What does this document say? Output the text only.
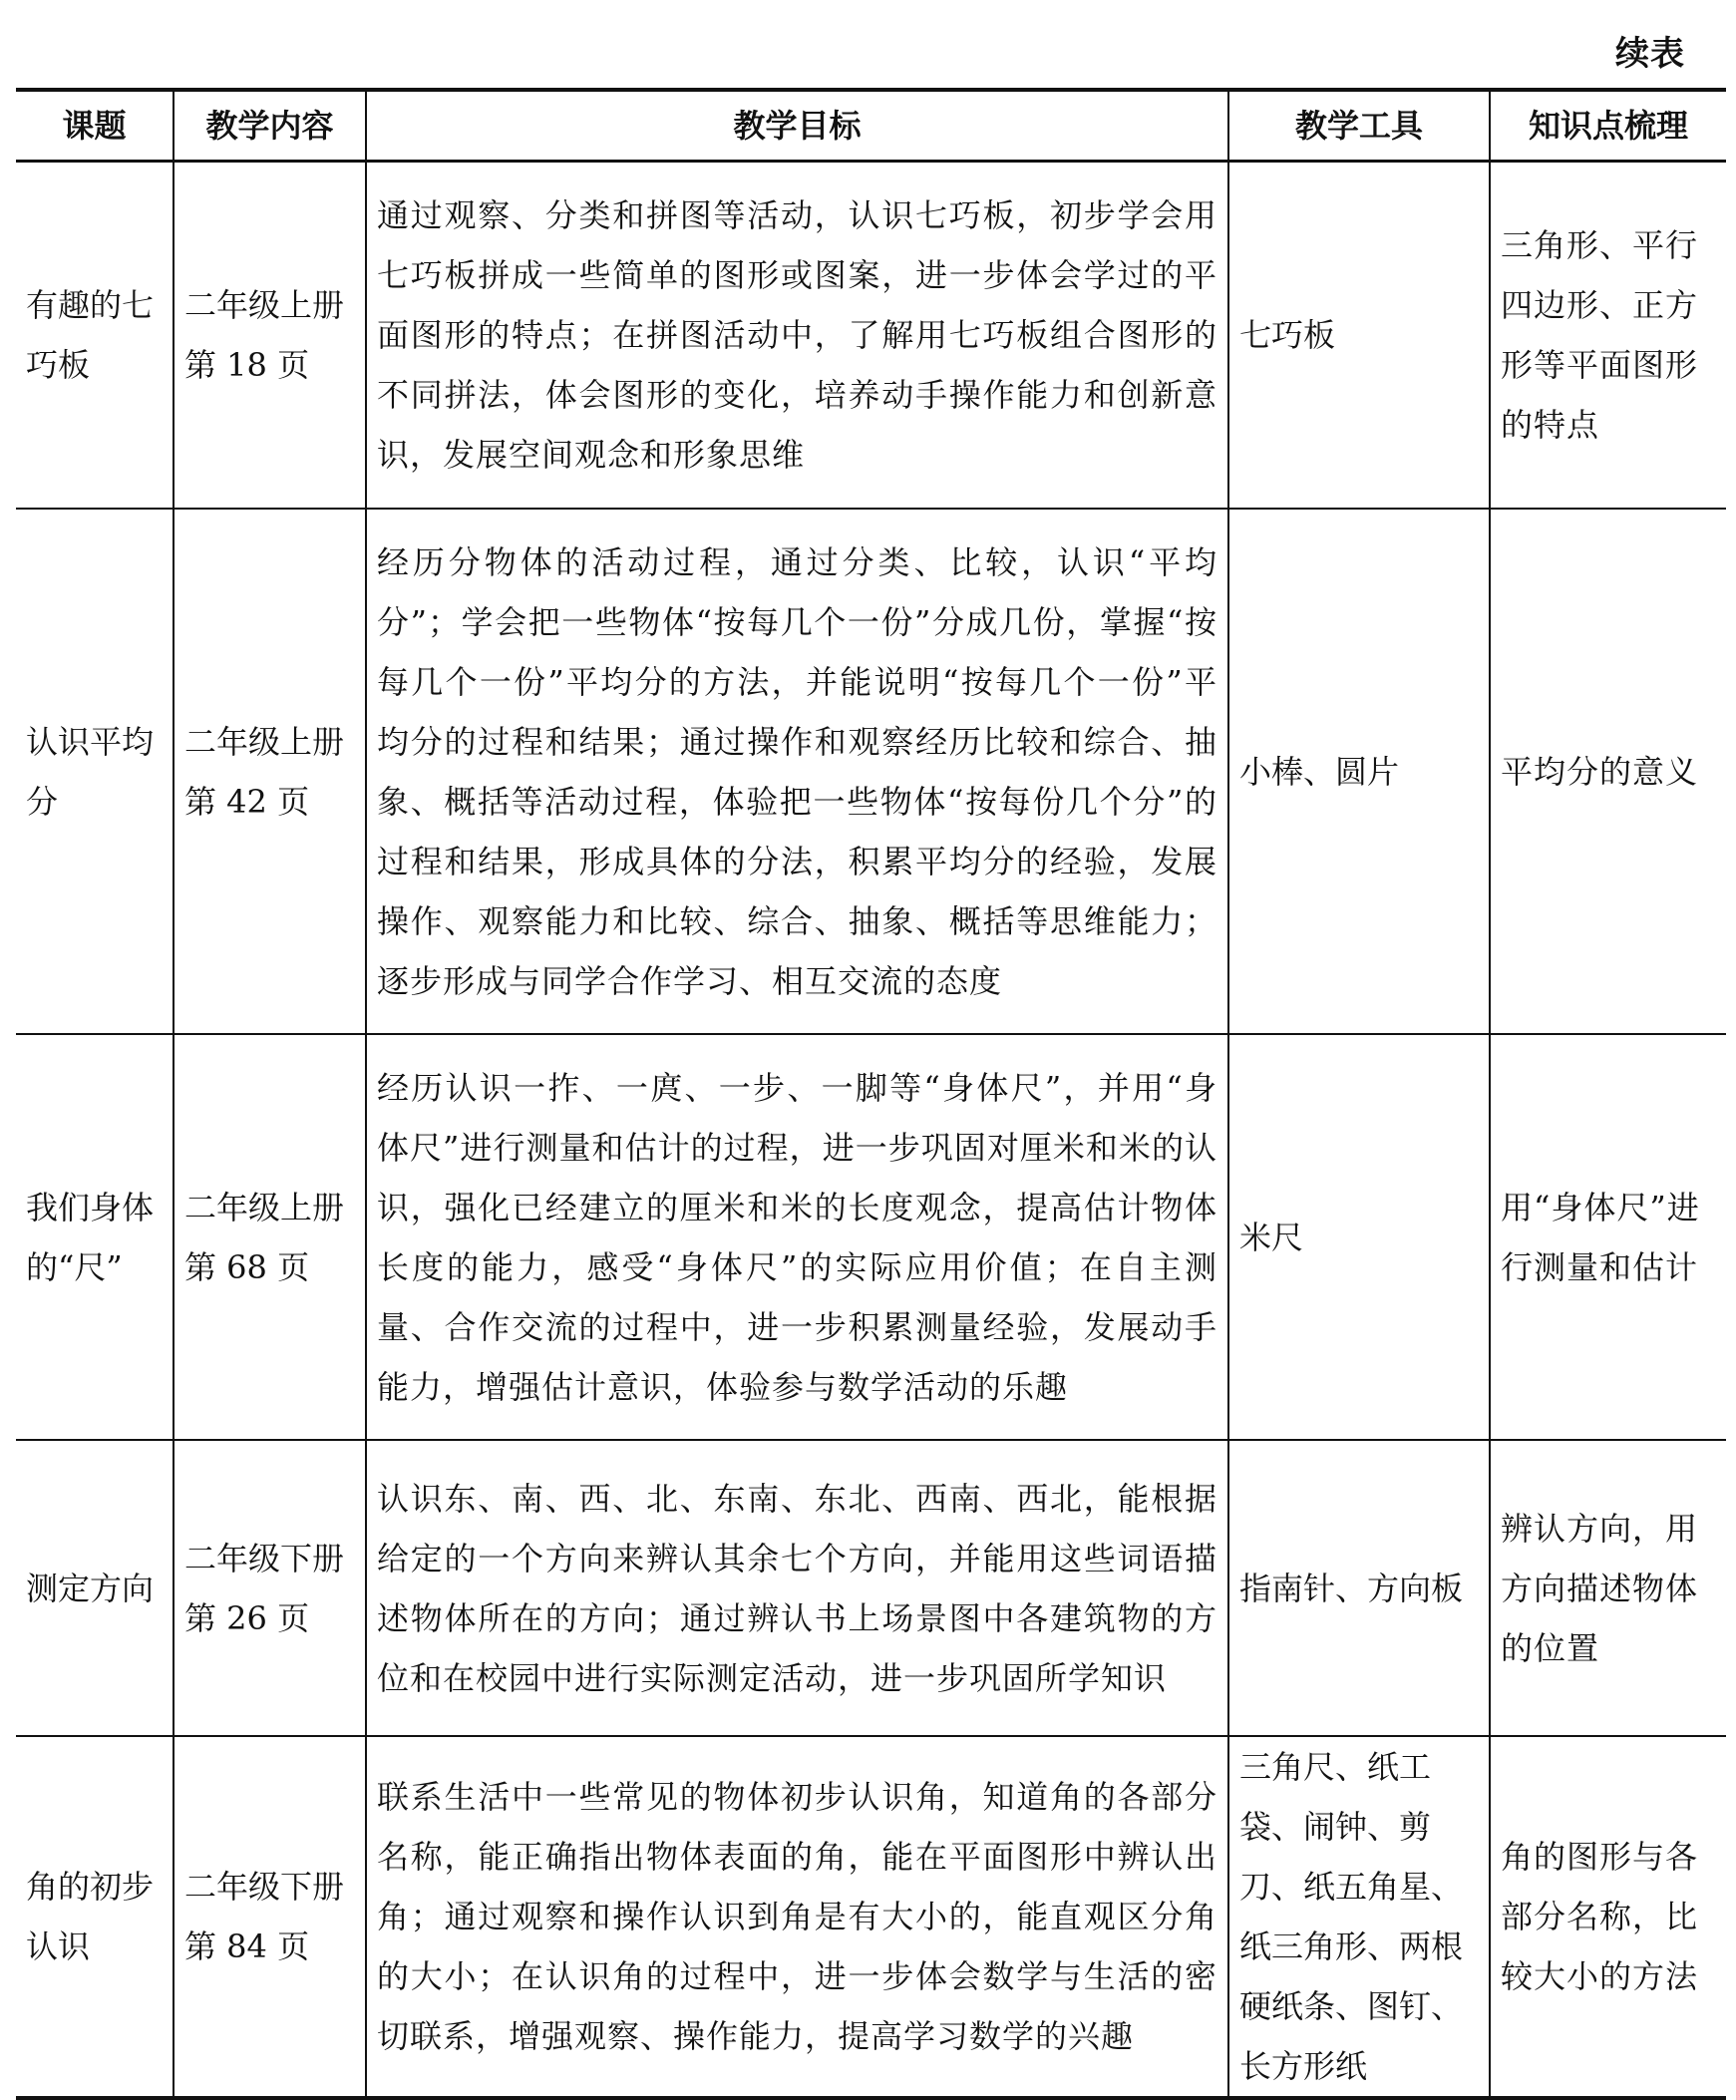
续表
课题	教学内容	教学目标	教学工具	知识点梳理
有趣的七巧板	二年级上册第 18 页	通过观察、分类和拼图等活动，认识七巧板，初步学会用七巧板拼成一些简单的图形或图案，进一步体会学过的平面图形的特点；在拼图活动中，了解用七巧板组合图形的不同拼法，体会图形的变化，培养动手操作能力和创新意识，发展空间观念和形象思维	七巧板	三角形、平行四边形、正方形等平面图形的特点
认识平均分	二年级上册第 42 页	经历分物体的活动过程，通过分类、比较，认识“平均分”；学会把一些物体“按每几个一份”分成几份，掌握“按每几个一份”平均分的方法，并能说明“按每几个一份”平均分的过程和结果；通过操作和观察经历比较和综合、抽象、概括等活动过程，体验把一些物体“按每份几个分”的过程和结果，形成具体的分法，积累平均分的经验，发展操作、观察能力和比较、综合、抽象、概括等思维能力；逐步形成与同学合作学习、相互交流的态度	小棒、圆片	平均分的意义
我们身体的“尺”	二年级上册第 68 页	经历认识一拃、一庹、一步、一脚等“身体尺”，并用“身体尺”进行测量和估计的过程，进一步巩固对厘米和米的认识，强化已经建立的厘米和米的长度观念，提高估计物体长度的能力，感受“身体尺”的实际应用价值；在自主测量、合作交流的过程中，进一步积累测量经验，发展动手能力，增强估计意识，体验参与数学活动的乐趣	米尺	用“身体尺”进行测量和估计
测定方向	二年级下册第 26 页	认识东、南、西、北、东南、东北、西南、西北，能根据给定的一个方向来辨认其余七个方向，并能用这些词语描述物体所在的方向；通过辨认书上场景图中各建筑物的方位和在校园中进行实际测定活动，进一步巩固所学知识	指南针、方向板	辨认方向，用方向描述物体的位置
角的初步认识	二年级下册第 84 页	联系生活中一些常见的物体初步认识角，知道角的各部分名称，能正确指出物体表面的角，能在平面图形中辨认出角；通过观察和操作认识到角是有大小的，能直观区分角的大小；在认识角的过程中，进一步体会数学与生活的密切联系，增强观察、操作能力，提高学习数学的兴趣	三角尺、纸工袋、闹钟、剪刀、纸五角星、纸三角形、两根硬纸条、图钉、长方形纸	角的图形与各部分名称，比较大小的方法
